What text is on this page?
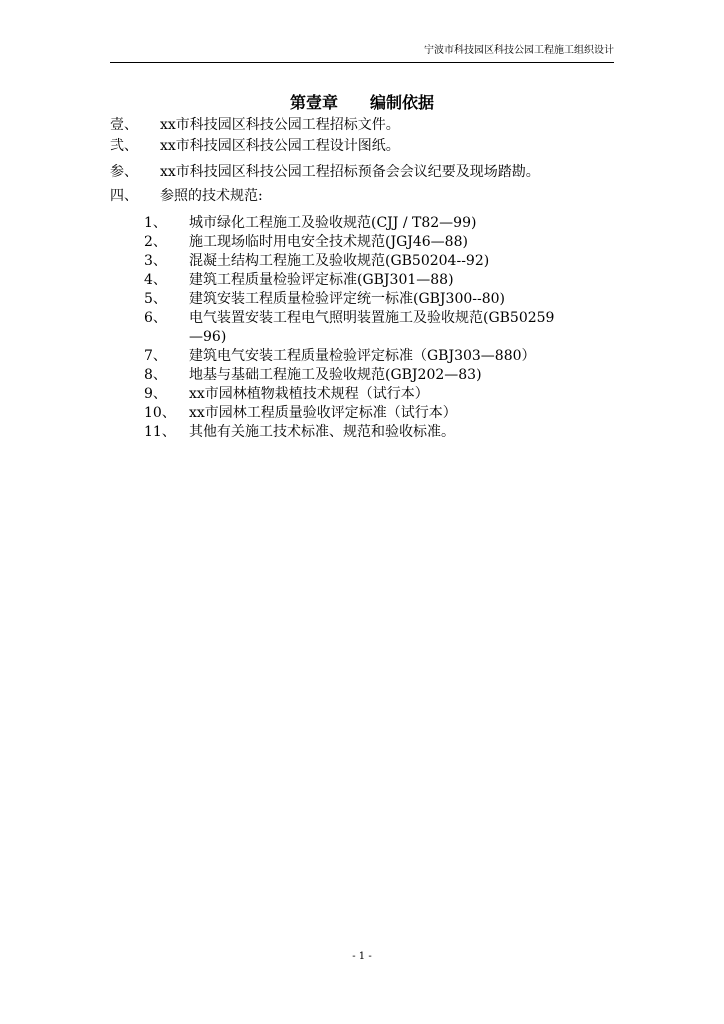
宁波市科技园区科技公园工程施工组织设计
第壹章　　编制依据
壹、 xx市科技园区科技公园工程招标文件。
弐、 xx市科技园区科技公园工程设计图纸。
参、 xx市科技园区科技公园工程招标预备会会议纪要及现场踏勘。
四、 参照的技术规范:
1、	城市绿化工程施工及验收规范(CJJ / T82—99)
2、	施工现场临时用电安全技术规范(JGJ46—88)
3、	混凝土结构工程施工及验收规范(GB50204--92)
4、	建筑工程质量检验评定标准(GBJ301—88)
5、	建筑安装工程质量检验评定统一标准(GBJ300--80)
6、	电气装置安装工程电气照明装置施工及验收规范(GB50259
—96)
7、	建筑电气安装工程质量检验评定标准（GBJ303—880）
8、	地基与基础工程施工及验收规范(GBJ202—83)
9、	xx市园林植物栽植技术规程（试行本）
10、 xx市园林工程质量验收评定标准（试行本）
11、 其他有关施工技术标准、规范和验收标准。
- 1 -
